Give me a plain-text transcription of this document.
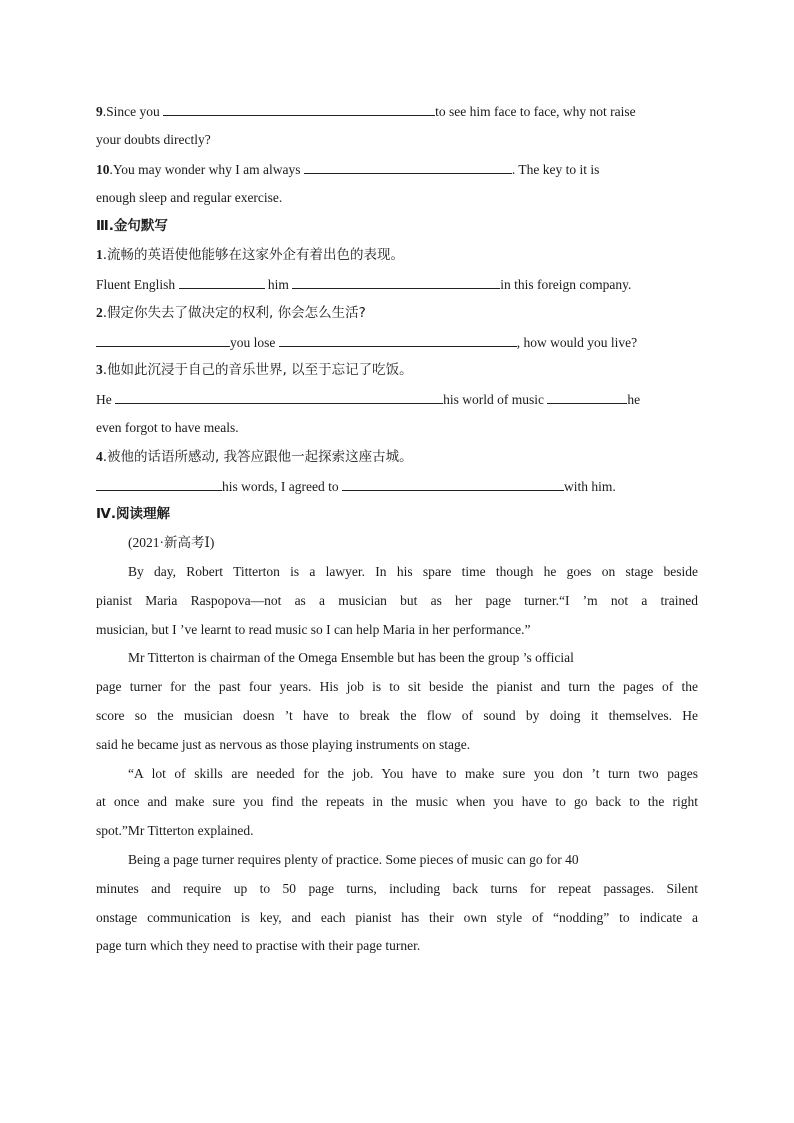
9.Since you	to see him face to face, why not raise
your doubts directly?
10.You may wonder why I am always	. The key to it is
enough sleep and regular exercise.
Ⅲ.金句默写
1.流畅的英语使他能够在这家外企有着出色的表现。
Fluent English	him	in this foreign company.
2.假定你失去了做决定的权利, 你会怎么生活?
you lose	, how would you live?
3.他如此沉浸于自己的音乐世界, 以至于忘记了吃饭。
He	his world of music	he
even forgot to have meals.
4.被他的话语所感动, 我答应跟他一起探索这座古城。
his words, I agreed to	with him.
Ⅳ.阅读理解
(2021·新高考Ⅰ)
By day, Robert Titterton is a lawyer. In his spare time though he goes on stage beside
pianist Maria Raspopova—not as a musician but as her page turner.“I ’m not a trained
musician, but I ’ve learnt to read music so I can help Maria in her performance.”
Mr Titterton is chairman of the Omega Ensemble but has been the group ’s official
page turner for the past four years. His job is to sit beside the pianist and turn the pages of the
score so the musician doesn ’t have to break the flow of sound by doing it themselves. He
said he became just as nervous as those playing instruments on stage.
“A lot of skills are needed for the job. You have to make sure you don ’t turn two pages
at once and make sure you find the repeats in the music when you have to go back to the right
spot.”Mr Titterton explained.
Being a page turner requires plenty of practice. Some pieces of music can go for 40
minutes and require up to 50 page turns, including back turns for repeat passages. Silent
onstage communication is key, and each pianist has their own style of “nodding” to indicate a
page turn which they need to practise with their page turner.
